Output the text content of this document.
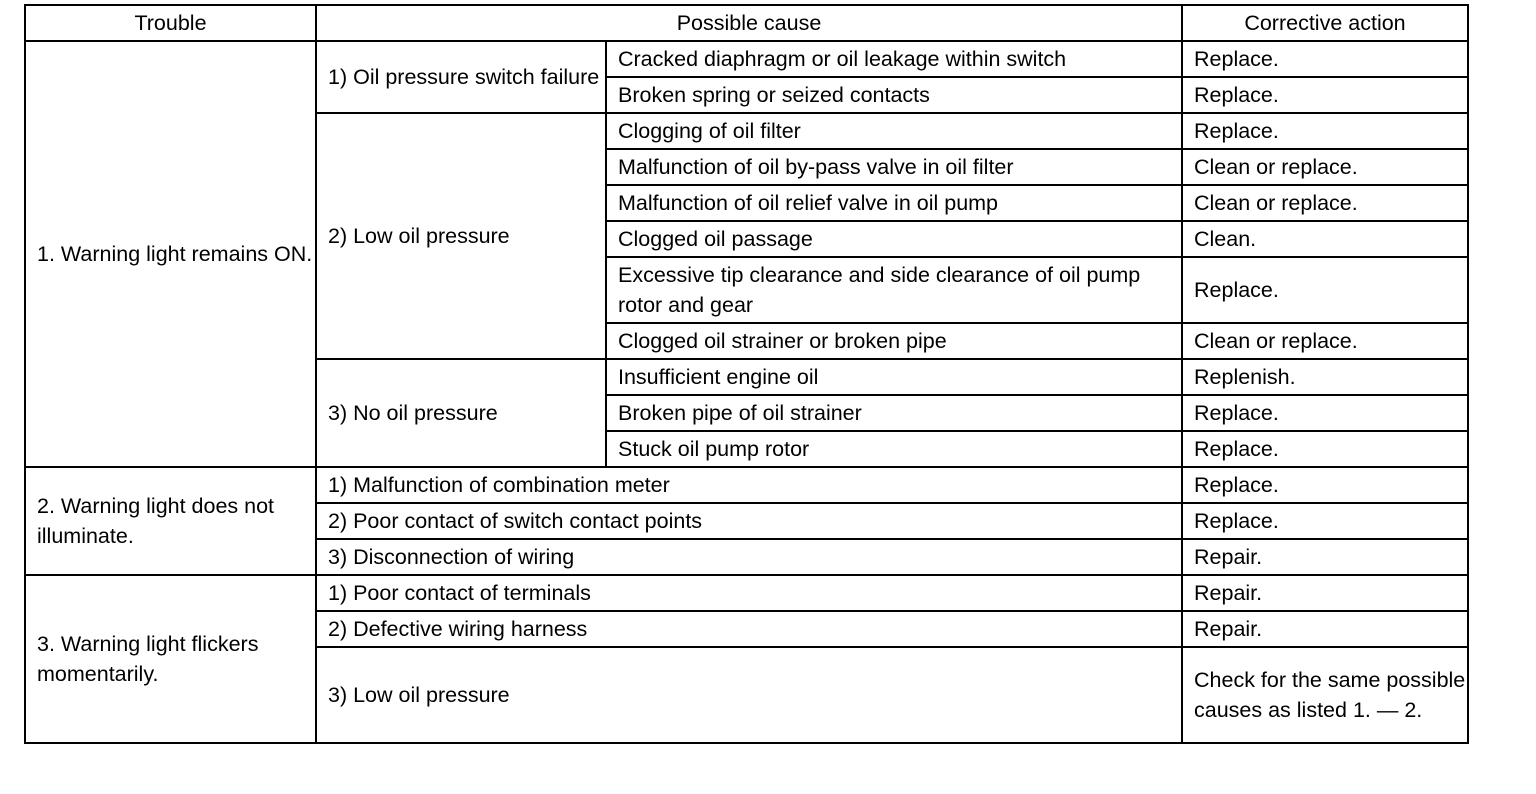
Trouble	Possible cause		Corrective action

1. Warning light remains ON.	1) Oil pressure switch failure	Cracked diaphragm or oil leakage within switch	Replace.
		Broken spring or seized contacts	Replace.

	2) Low oil pressure	Clogging of oil filter	Replace.
		Malfunction of oil by-pass valve in oil filter	Clean or replace.
		Malfunction of oil relief valve in oil pump	Clean or replace.
		Clogged oil passage	Clean.
		Excessive tip clearance and side clearance of oil pump rotor and gear	Replace.
		Clogged oil strainer or broken pipe	Clean or replace.

	3) No oil pressure	Insufficient engine oil	Replenish.
		Broken pipe of oil strainer	Replace.
		Stuck oil pump rotor	Replace.

2. Warning light does not illuminate.	1) Malfunction of combination meter		Replace.
	2) Poor contact of switch contact points		Replace.
	3) Disconnection of wiring		Repair.

3. Warning light flickers momentarily.	1) Poor contact of terminals		Repair.
	2) Defective wiring harness		Repair.
	3) Low oil pressure		Check for the same possible causes as listed 1. — 2.
